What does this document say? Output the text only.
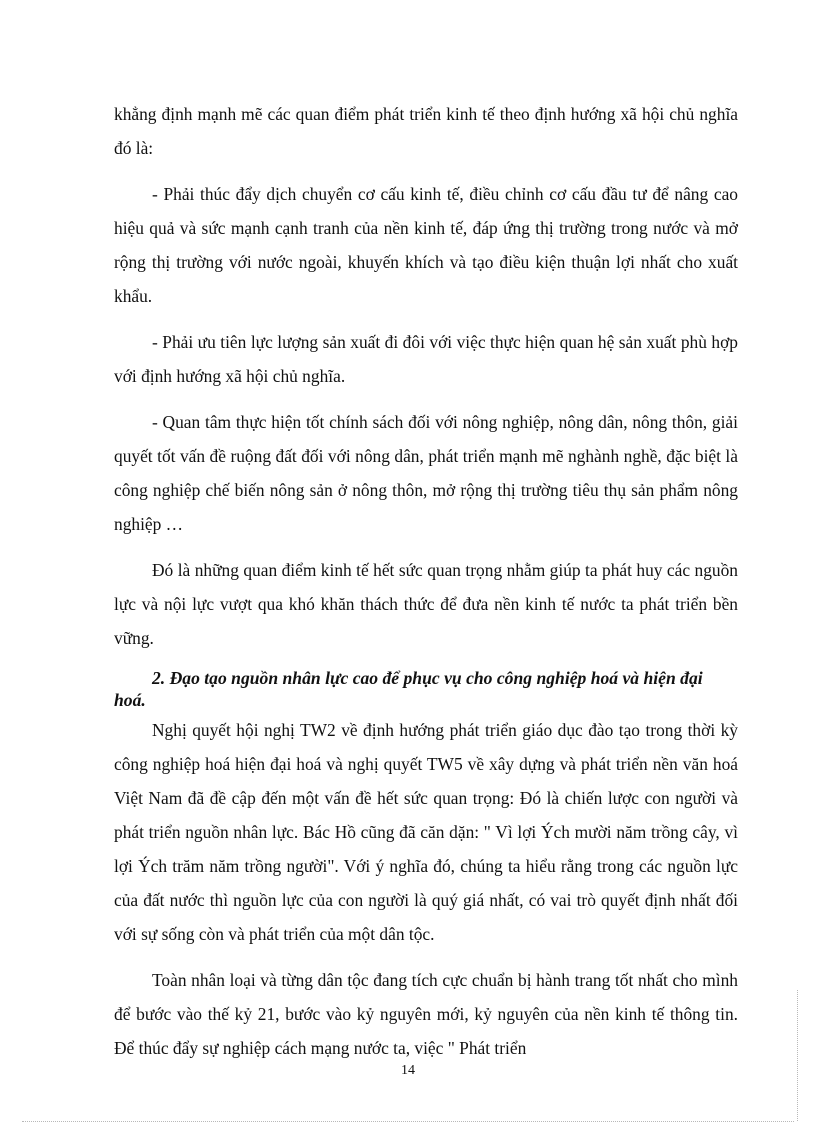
khẳng định mạnh mẽ các quan điểm phát triển kinh tế theo định hướng xã hội chủ nghĩa đó là:

- Phải thúc đẩy dịch chuyển cơ cấu kinh tế, điều chỉnh cơ cấu đầu tư để nâng cao hiệu quả và sức mạnh cạnh tranh của nền kinh tế, đáp ứng thị trường trong nước và mở rộng thị trường với nước ngoài, khuyến khích và tạo điều kiện thuận lợi nhất cho xuất khẩu.

- Phải ưu tiên lực lượng sản xuất đi đôi với việc thực hiện quan hệ sản xuất phù hợp với định hướng xã hội chủ nghĩa.

- Quan tâm thực hiện tốt chính sách đối với nông nghiệp, nông dân, nông thôn, giải quyết tốt vấn đề ruộng đất đối với nông dân, phát triển mạnh mẽ nghành nghề, đặc biệt là công nghiệp chế biến nông sản ở nông thôn, mở rộng thị trường tiêu thụ sản phẩm nông nghiệp …

Đó là những quan điểm kinh tế hết sức quan trọng nhằm giúp ta phát huy các nguồn lực và nội lực vượt qua khó khăn thách thức để đưa nền kinh tế nước ta phát triển bền vững.

2. Đạo tạo nguồn nhân lực cao để phục vụ cho công nghiệp hoá và hiện đại hoá.

Nghị quyết hội nghị TW2 về định hướng phát triển giáo dục đào tạo trong thời kỳ công nghiệp hoá hiện đại hoá và nghị quyết TW5 về xây dựng và phát triển nền văn hoá Việt Nam đã đề cập đến một vấn đề hết sức quan trọng: Đó là chiến lược con người và phát triển nguồn nhân lực. Bác Hồ cũng đã căn dặn: " Vì lợi Ých mười năm trồng cây, vì lợi Ých trăm năm trồng người". Với ý nghĩa đó, chúng ta hiểu rằng trong các nguồn lực của đất nước thì nguồn lực của con người là quý giá nhất, có vai trò quyết định nhất đối với sự sống còn và phát triển của một dân tộc.

Toàn nhân loại và từng dân tộc đang tích cực chuẩn bị hành trang tốt nhất cho mình để bước vào thế kỷ 21, bước vào kỷ nguyên mới, kỷ nguyên của nền kinh tế thông tin. Để thúc đẩy sự nghiệp cách mạng nước ta, việc " Phát triển

14
